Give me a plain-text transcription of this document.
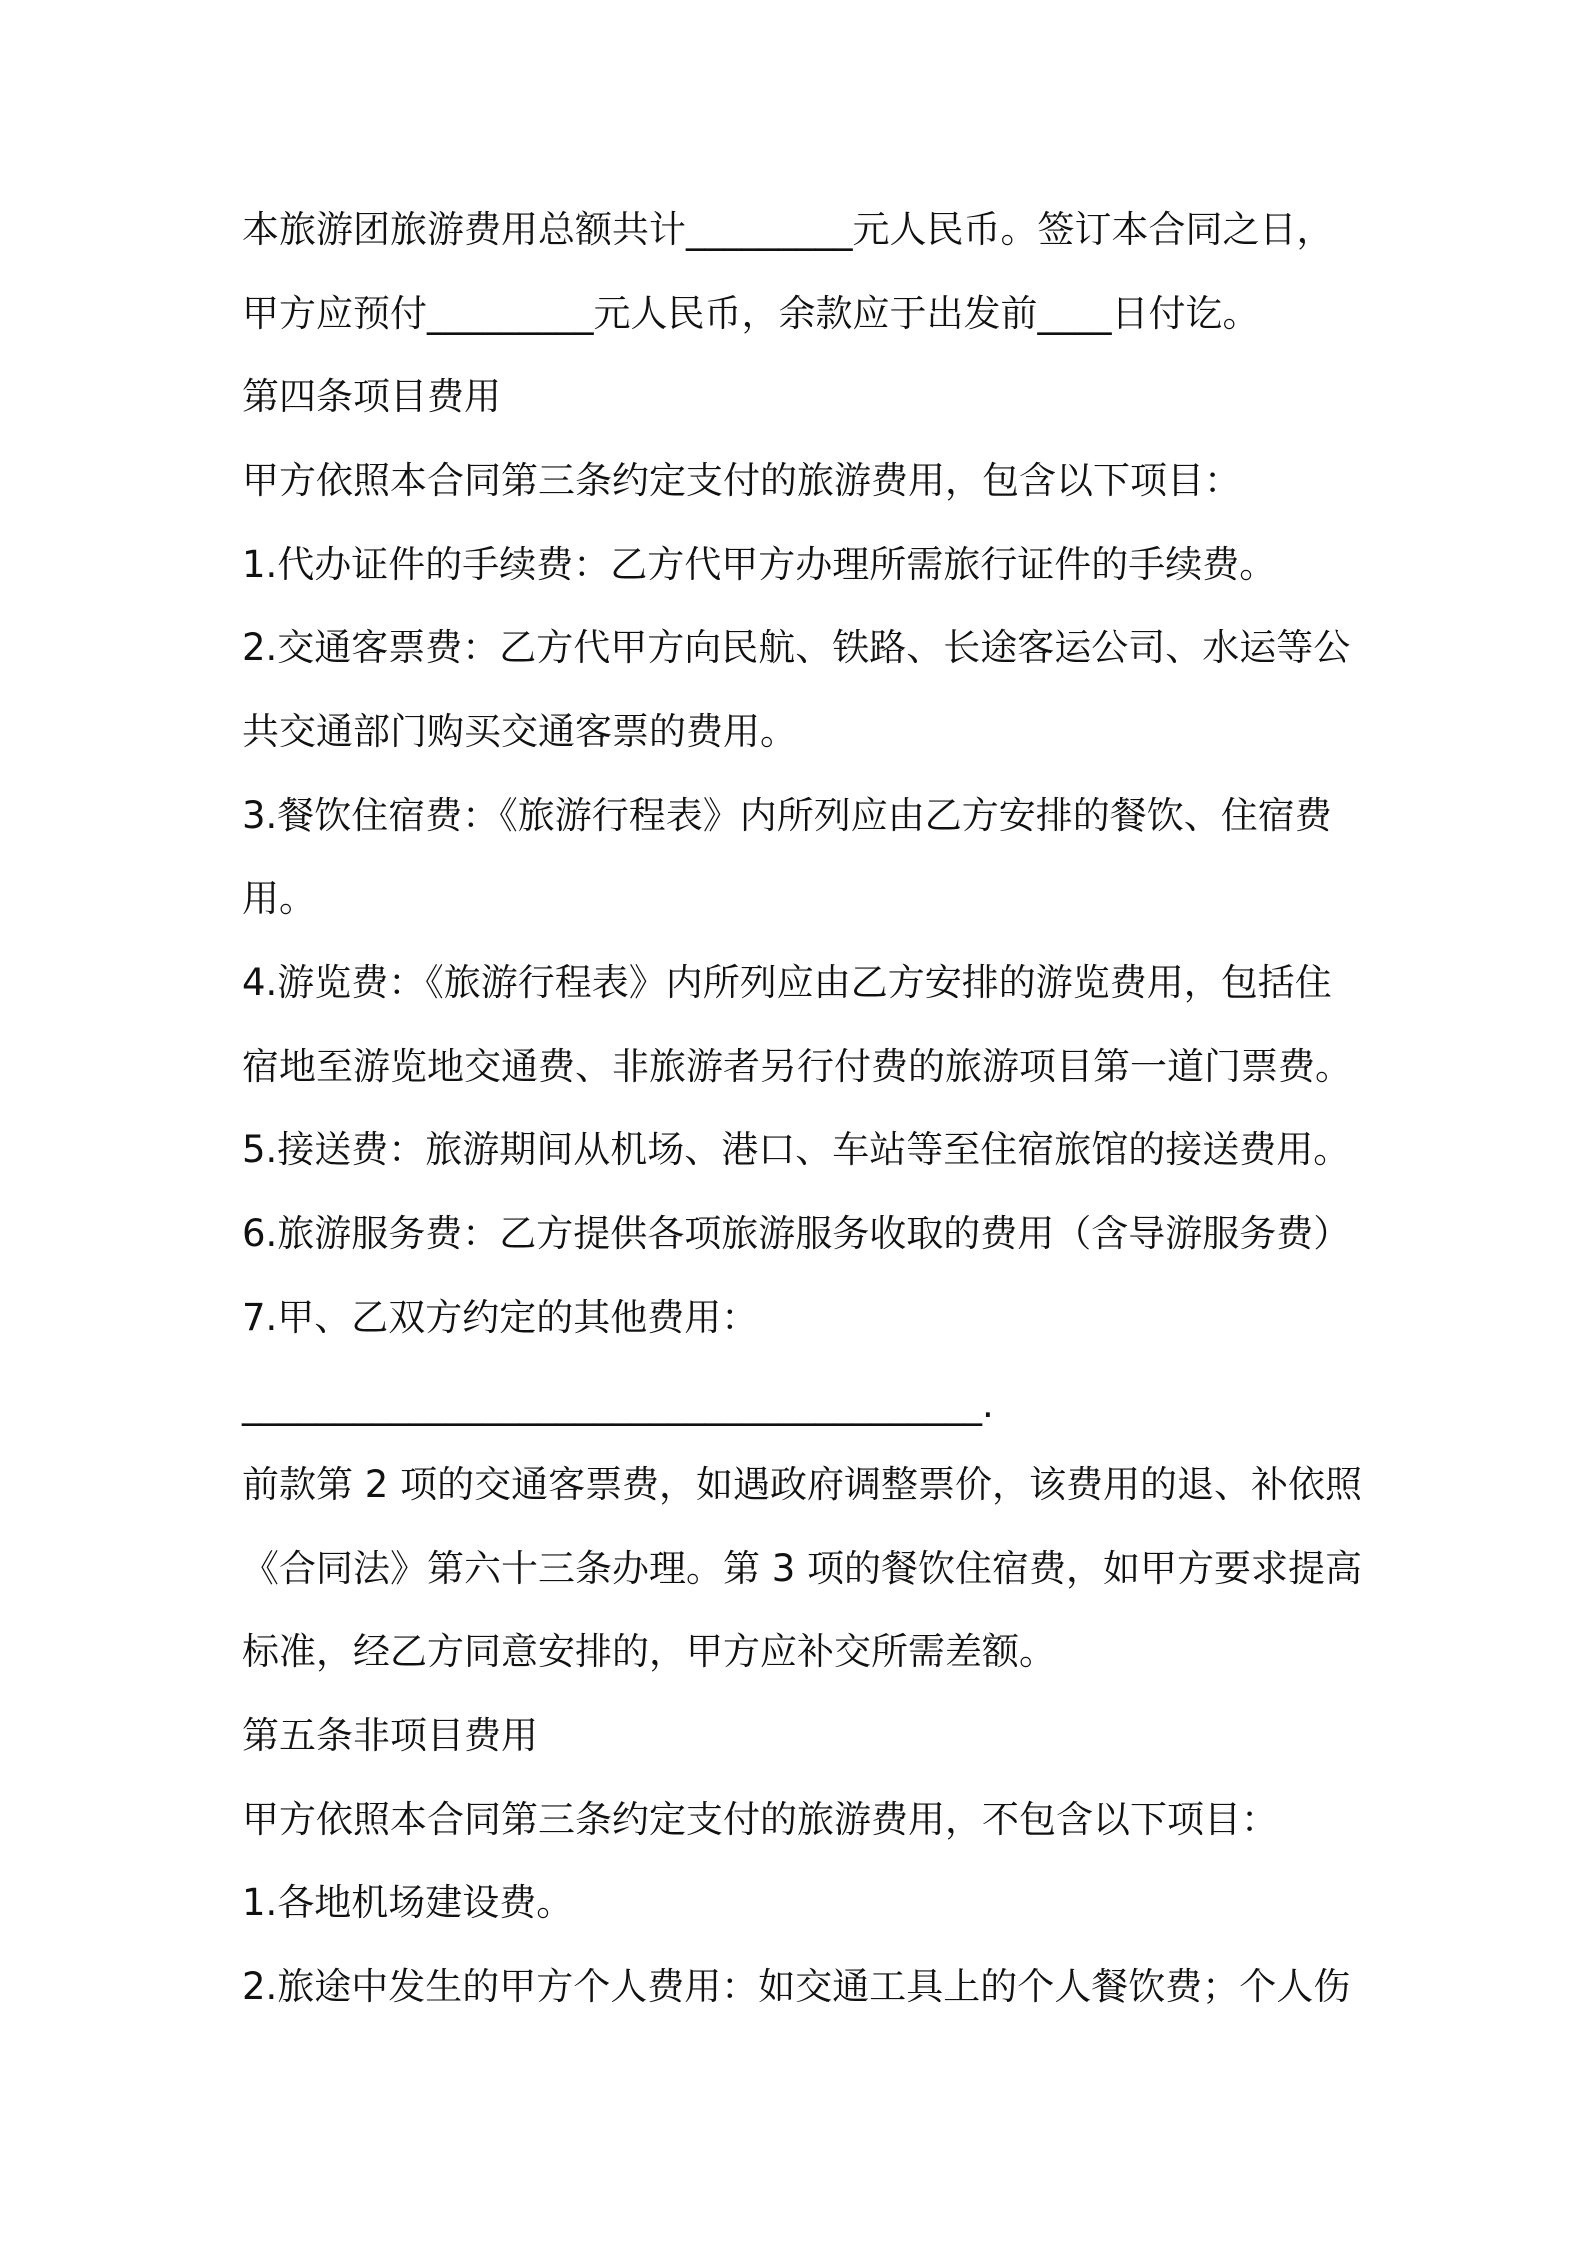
本旅游团旅游费用总额共计_________元人民币。签订本合同之日，
甲方应预付_________元人民币，余款应于出发前____日付讫。
第四条项目费用
甲方依照本合同第三条约定支付的旅游费用，包含以下项目：
1.代办证件的手续费：乙方代甲方办理所需旅行证件的手续费。
2.交通客票费：乙方代甲方向民航、铁路、长途客运公司、水运等公
共交通部门购买交通客票的费用。
3.餐饮住宿费：《旅游行程表》内所列应由乙方安排的餐饮、住宿费
用。
4.游览费：《旅游行程表》内所列应由乙方安排的游览费用，包括住
宿地至游览地交通费、非旅游者另行付费的旅游项目第一道门票费。
5.接送费：旅游期间从机场、港口、车站等至住宿旅馆的接送费用。
6.旅游服务费：乙方提供各项旅游服务收取的费用（含导游服务费）
7.甲、乙双方约定的其他费用：
________________________________________.
前款第 2 项的交通客票费，如遇政府调整票价，该费用的退、补依照
《合同法》第六十三条办理。第 3 项的餐饮住宿费，如甲方要求提高
标准，经乙方同意安排的，甲方应补交所需差额。
第五条非项目费用
甲方依照本合同第三条约定支付的旅游费用，不包含以下项目：
1.各地机场建设费。
2.旅途中发生的甲方个人费用：如交通工具上的个人餐饮费；个人伤
